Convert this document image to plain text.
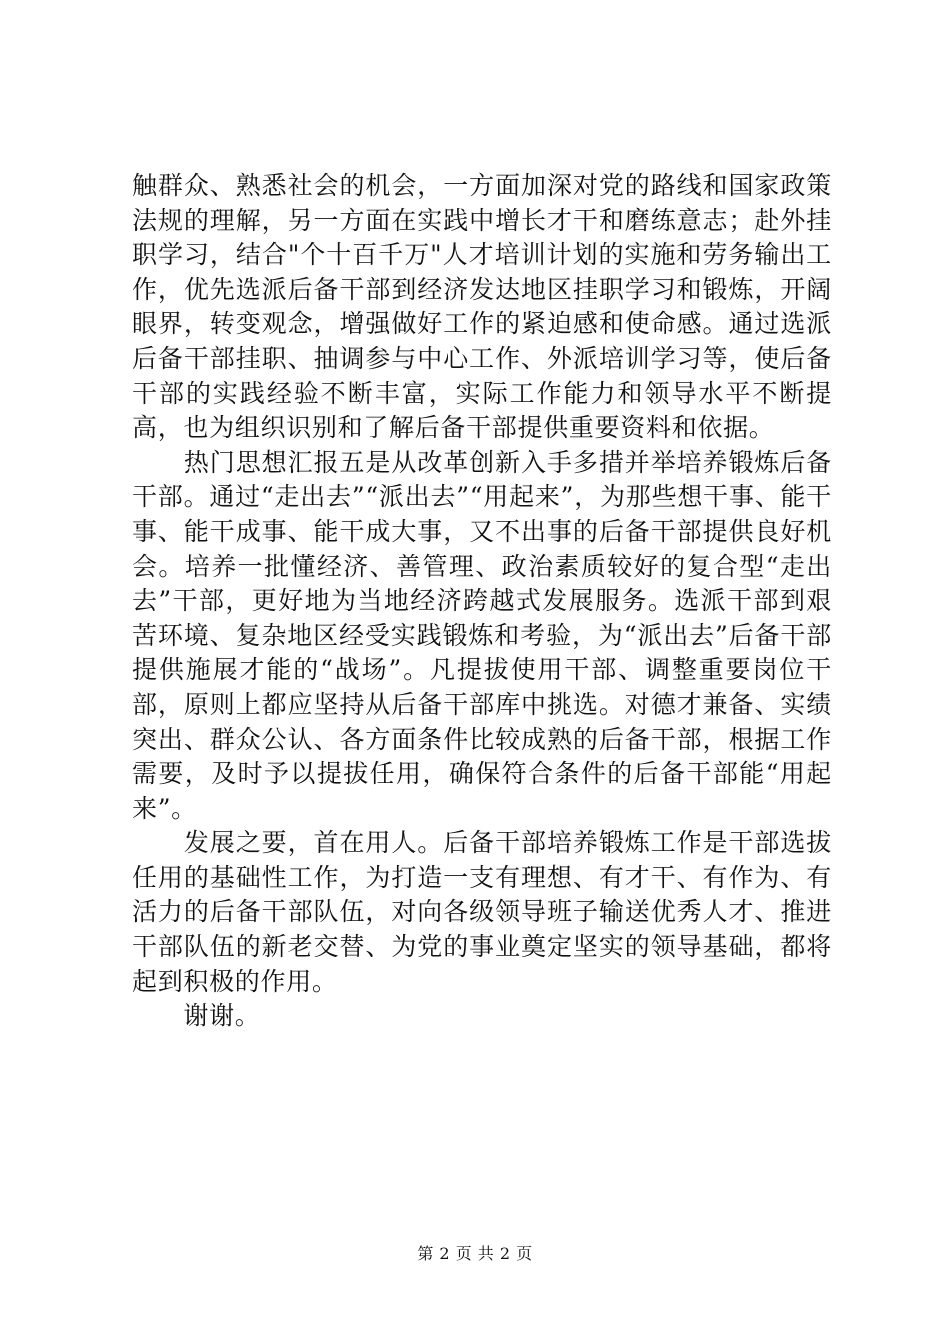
触群众、熟悉社会的机会，一方面加深对党的路线和国家政策法规的理解，另一方面在实践中增长才干和磨练意志；赴外挂职学习，结合"个十百千万"人才培训计划的实施和劳务输出工作，优先选派后备干部到经济发达地区挂职学习和锻炼，开阔眼界，转变观念，增强做好工作的紧迫感和使命感。通过选派后备干部挂职、抽调参与中心工作、外派培训学习等，使后备干部的实践经验不断丰富，实际工作能力和领导水平不断提高，也为组织识别和了解后备干部提供重要资料和依据。

　　热门思想汇报五是从改革创新入手多措并举培养锻炼后备干部。通过“走出去”“派出去”“用起来”，为那些想干事、能干事、能干成事、能干成大事，又不出事的后备干部提供良好机会。培养一批懂经济、善管理、政治素质较好的复合型“走出去”干部，更好地为当地经济跨越式发展服务。选派干部到艰苦环境、复杂地区经受实践锻炼和考验，为“派出去”后备干部提供施展才能的“战场”。凡提拔使用干部、调整重要岗位干部，原则上都应坚持从后备干部库中挑选。对德才兼备、实绩突出、群众公认、各方面条件比较成熟的后备干部，根据工作需要，及时予以提拔任用，确保符合条件的后备干部能“用起来”。

　　发展之要，首在用人。后备干部培养锻炼工作是干部选拔任用的基础性工作，为打造一支有理想、有才干、有作为、有活力的后备干部队伍，对向各级领导班子输送优秀人才、推进干部队伍的新老交替、为党的事业奠定坚实的领导基础，都将起到积极的作用。

　　谢谢。

第 2 页 共 2 页
